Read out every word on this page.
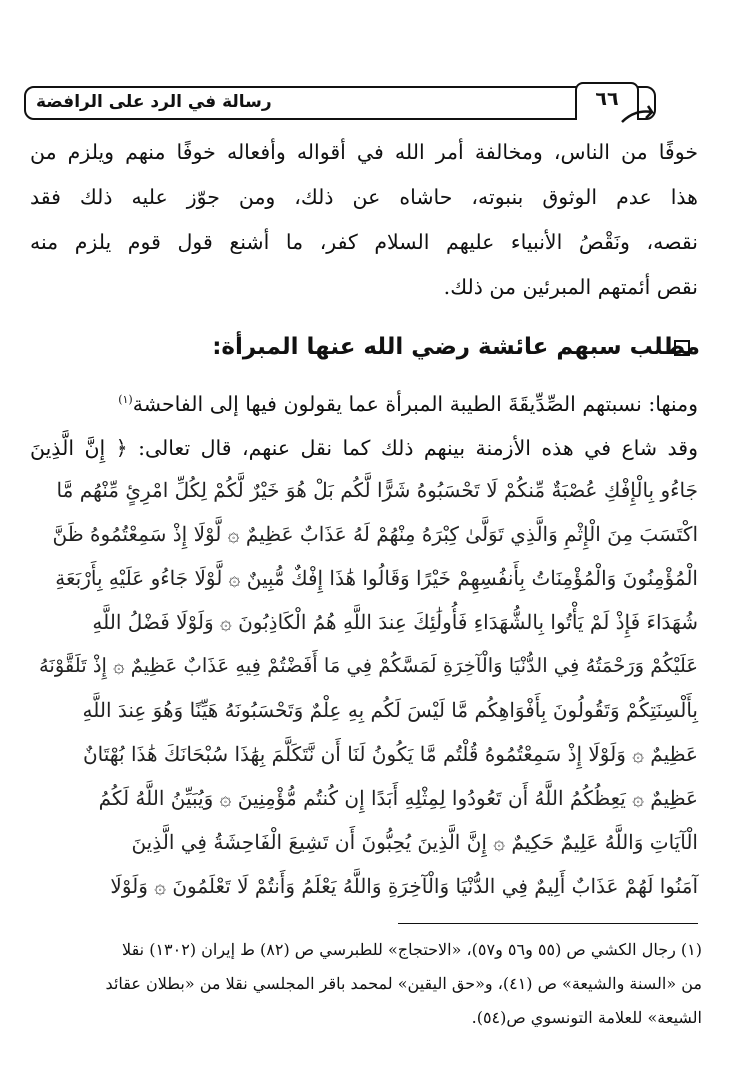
رسالة في الرد على الرافضة	٦٦
خوفًا من الناس، ومخالفة أمر الله في أقواله وأفعاله خوفًا منهم ويلزم من
هذا عدم الوثوق بنبوته، حاشاه عن ذلك، ومن جوّز عليه ذلك فقد
نقصه، ونَقْصُ الأنبياء عليهم السلام كفر، ما أشنع قول قوم يلزم منه
نقص أئمتهم المبرئين من ذلك.
مطلب سبهم عائشة رضي الله عنها المبرأة:
ومنها: نسبتهم الصِّدِّيقَةَ الطيبة المبرأة عما يقولون فيها إلى الفاحشة$^{(١)}$
وقد شاع في هذه الأزمنة بينهم ذلك كما نقل عنهم، قال تعالى: ﴿ إِنَّ الَّذِينَ
جَاءُو بِالْإِفْكِ عُصْبَةٌ مِّنكُمْ لَا تَحْسَبُوهُ شَرًّا لَّكُم بَلْ هُوَ خَيْرٌ لَّكُمْ لِكُلِّ امْرِئٍ مِّنْهُم مَّا
اكْتَسَبَ مِنَ الْإِثْمِ وَالَّذِي تَوَلَّىٰ كِبْرَهُ مِنْهُمْ لَهُ عَذَابٌ عَظِيمٌ ۞ لَّوْلَا إِذْ سَمِعْتُمُوهُ ظَنَّ
الْمُؤْمِنُونَ وَالْمُؤْمِنَاتُ بِأَنفُسِهِمْ خَيْرًا وَقَالُوا هَٰذَا إِفْكٌ مُّبِينٌ ۞ لَّوْلَا جَاءُو عَلَيْهِ بِأَرْبَعَةِ
شُهَدَاءَ فَإِذْ لَمْ يَأْتُوا بِالشُّهَدَاءِ فَأُولَٰئِكَ عِندَ اللَّهِ هُمُ الْكَاذِبُونَ ۞ وَلَوْلَا فَضْلُ اللَّهِ
عَلَيْكُمْ وَرَحْمَتُهُ فِي الدُّنْيَا وَالْآخِرَةِ لَمَسَّكُمْ فِي مَا أَفَضْتُمْ فِيهِ عَذَابٌ عَظِيمٌ ۞ إِذْ تَلَقَّوْنَهُ
بِأَلْسِنَتِكُمْ وَتَقُولُونَ بِأَفْوَاهِكُم مَّا لَيْسَ لَكُم بِهِ عِلْمٌ وَتَحْسَبُونَهُ هَيِّنًا وَهُوَ عِندَ اللَّهِ
عَظِيمٌ ۞ وَلَوْلَا إِذْ سَمِعْتُمُوهُ قُلْتُم مَّا يَكُونُ لَنَا أَن نَّتَكَلَّمَ بِهَٰذَا سُبْحَانَكَ هَٰذَا بُهْتَانٌ
عَظِيمٌ ۞ يَعِظُكُمُ اللَّهُ أَن تَعُودُوا لِمِثْلِهِ أَبَدًا إِن كُنتُم مُّؤْمِنِينَ ۞ وَيُبَيِّنُ اللَّهُ لَكُمُ
الْآيَاتِ وَاللَّهُ عَلِيمٌ حَكِيمٌ ۞ إِنَّ الَّذِينَ يُحِبُّونَ أَن تَشِيعَ الْفَاحِشَةُ فِي الَّذِينَ
آمَنُوا لَهُمْ عَذَابٌ أَلِيمٌ فِي الدُّنْيَا وَالْآخِرَةِ وَاللَّهُ يَعْلَمُ وَأَنتُمْ لَا تَعْلَمُونَ ۞ وَلَوْلَا
(١) رجال الكشي ص (٥٥ و٥٦ و٥٧)، «الاحتجاج» للطبرسي ص (٨٢) ط إيران (١٣٠٢) نقلا
من «السنة والشيعة» ص (٤١)، و«حق اليقين» لمحمد باقر المجلسي نقلا من «بطلان عقائد
الشيعة» للعلامة التونسوي ص(٥٤).
